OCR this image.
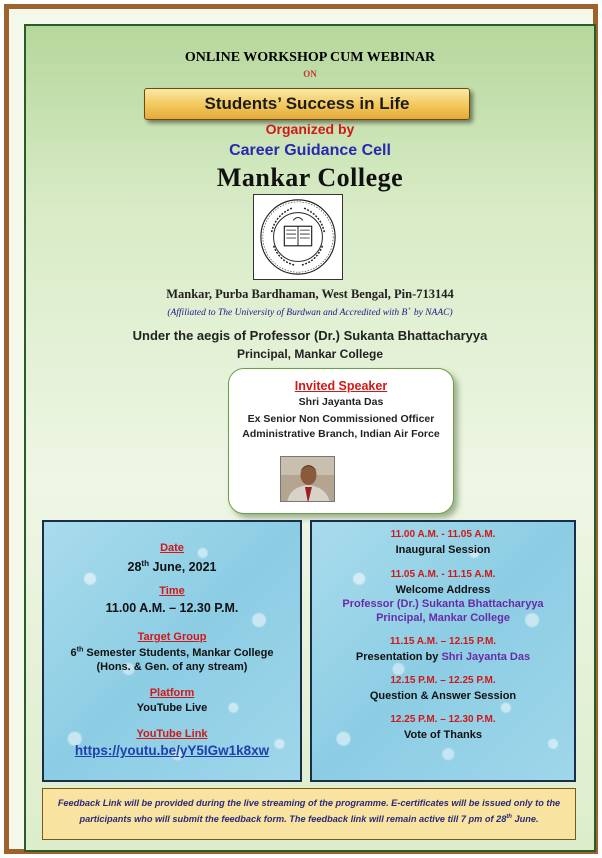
ONLINE WORKSHOP CUM WEBINAR
ON
Students’ Success in Life
Organized by
Career Guidance Cell
Mankar College
Mankar, Purba Bardhaman, West Bengal, Pin-713144
(Affiliated to The University of Burdwan and Accredited with B+ by NAAC)
Under the aegis of Professor (Dr.) Sukanta Bhattacharyya
Principal, Mankar College
Invited Speaker
Shri Jayanta Das
Ex Senior Non Commissioned Officer
Administrative Branch, Indian Air Force
Date
28th June, 2021
Time
11.00 A.M. – 12.30 P.M.
Target Group
6th Semester Students, Mankar College
(Hons. & Gen. of any stream)
Platform
YouTube Live
YouTube Link
https://youtu.be/yY5IGw1k8xw
11.00 A.M. - 11.05 A.M.
Inaugural Session
11.05 A.M. - 11.15 A.M.
Welcome Address
Professor (Dr.) Sukanta Bhattacharyya
Principal, Mankar College
11.15 A.M. – 12.15 P.M.
Presentation by Shri Jayanta Das
12.15 P.M. – 12.25 P.M.
Question & Answer Session
12.25 P.M. – 12.30 P.M.
Vote of Thanks
Feedback Link will be provided during the live streaming of the programme. E-certificates will be issued only to the participants who will submit the feedback form. The feedback link will remain active till 7 pm of 28th June.
